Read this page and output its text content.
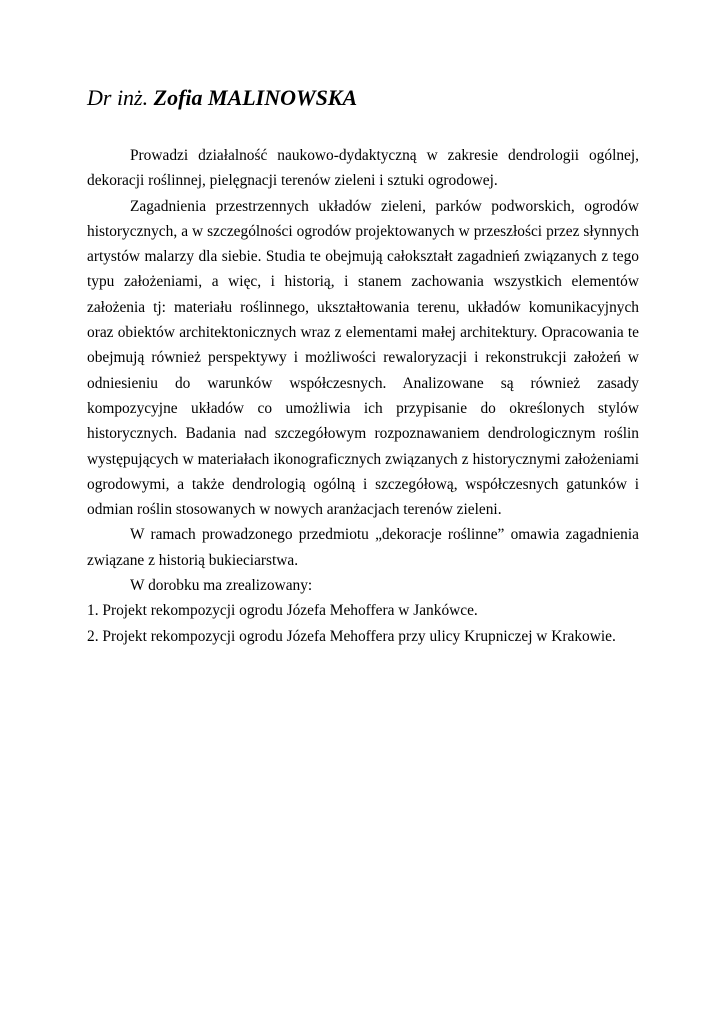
Dr inż. Zofia MALINOWSKA

Prowadzi działalność naukowo-dydaktyczną w zakresie dendrologii ogólnej, dekoracji roślinnej, pielęgnacji terenów zieleni i sztuki ogrodowej.

Zagadnienia przestrzennych układów zieleni, parków podworskich, ogrodów historycznych, a w szczególności ogrodów projektowanych w przeszłości przez słynnych artystów malarzy dla siebie. Studia te obejmują całokształt zagadnień związanych z tego typu założeniami, a więc, i historią, i stanem zachowania wszystkich elementów założenia tj: materiału roślinnego, ukształtowania terenu, układów komunikacyjnych oraz obiektów architektonicznych wraz z elementami małej architektury. Opracowania te obejmują również perspektywy i możliwości rewaloryzacji i rekonstrukcji założeń w odniesieniu do warunków współczesnych. Analizowane są również zasady kompozycyjne układów co umożliwia ich przypisanie do określonych stylów historycznych. Badania nad szczegółowym rozpoznawaniem dendrologicznym roślin występujących w materiałach ikonograficznych związanych z historycznymi założeniami ogrodowymi, a także dendrologią ogólną i szczegółową, współczesnych gatunków i odmian roślin stosowanych w nowych aranżacjach terenów zieleni.

W ramach prowadzonego przedmiotu „dekoracje roślinne” omawia zagadnienia związane z historią bukieciarstwa.

W dorobku ma zrealizowany:

1. Projekt rekompozycji ogrodu Józefa Mehoffera w Jankówce.

2. Projekt rekompozycji ogrodu Józefa Mehoffera przy ulicy Krupniczej w Krakowie.
